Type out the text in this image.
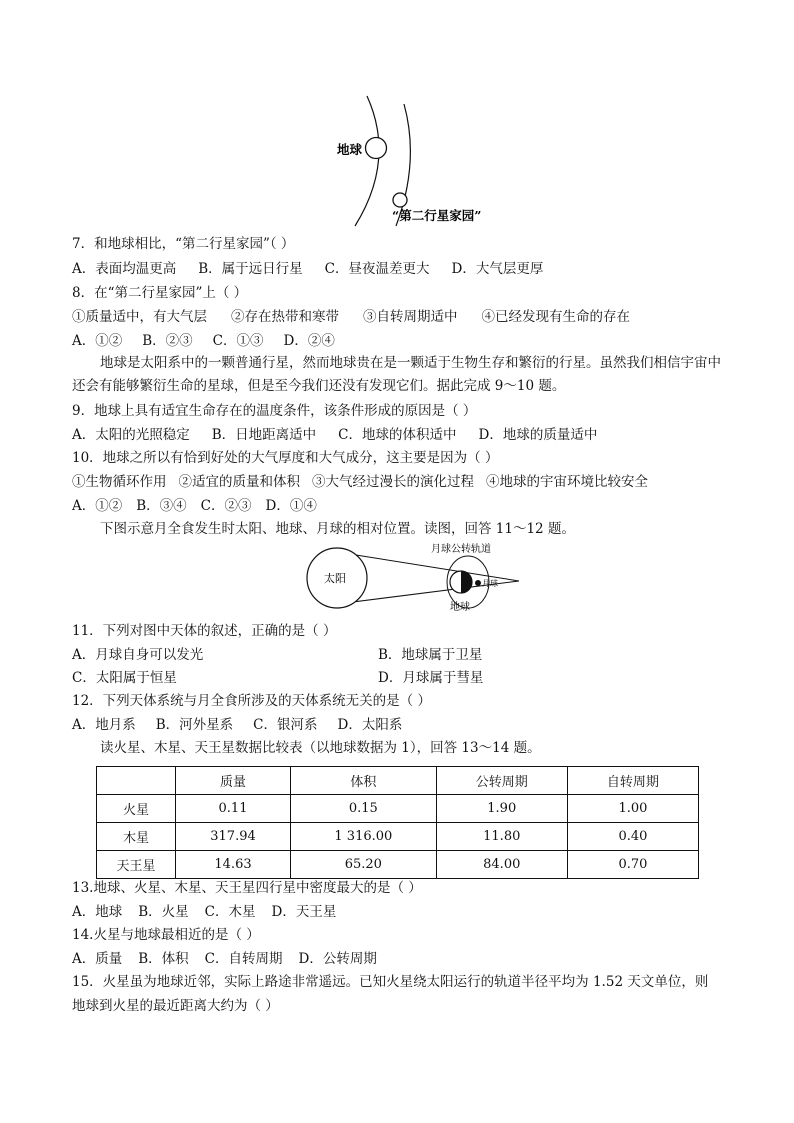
地球
“第二行星家园”
7．和地球相比，“第二行星家园”（ ）
A．表面均温更高 B．属于远日行星 C．昼夜温差更大 D．大气层更厚
8．在“第二行星家园”上（ ）
①质量适中，有大气层 ②存在热带和寒带 ③自转周期适中 ④已经发现有生命的存在
A．①② B．②③ C．①③ D．②④
地球是太阳系中的一颗普通行星，然而地球贵在是一颗适于生物生存和繁衍的行星。虽然我们相信宇宙中还会有能够繁衍生命的星球，但是至今我们还没有发现它们。据此完成 9～10 题。
9．地球上具有适宜生命存在的温度条件，该条件形成的原因是（ ）
A．太阳的光照稳定 B．日地距离适中 C．地球的体积适中 D．地球的质量适中
10．地球之所以有恰到好处的大气厚度和大气成分，这主要是因为（ ）
①生物循环作用 ②适宜的质量和体积 ③大气经过漫长的演化过程 ④地球的宇宙环境比较安全
A．①② B．③④ C．②③ D．①④
下图示意月全食发生时太阳、地球、月球的相对位置。读图，回答 11～12 题。
太阳
月球公转轨道
月球
地球
11．下列对图中天体的叙述，正确的是（ ）
A．月球自身可以发光	B．地球属于卫星
C．太阳属于恒星	D．月球属于彗星
12．下列天体系统与月全食所涉及的天体系统无关的是（ ）
A．地月系 B．河外星系 C．银河系 D．太阳系
读火星、木星、天王星数据比较表（以地球数据为 1），回答 13～14 题。
	质量	体积	公转周期	自转周期
火星	0.11	0.15	1.90	1.00
木星	317.94	1 316.00	11.80	0.40
天王星	14.63	65.20	84.00	0.70
13.地球、火星、木星、天王星四行星中密度最大的是（ ）
A．地球 B．火星 C．木星 D．天王星
14.火星与地球最相近的是（ ）
A．质量 B．体积 C．自转周期 D．公转周期
15．火星虽为地球近邻，实际上路途非常遥远。已知火星绕太阳运行的轨道半径平均为 1.52 天文单位，则
地球到火星的最近距离大约为（ ）
